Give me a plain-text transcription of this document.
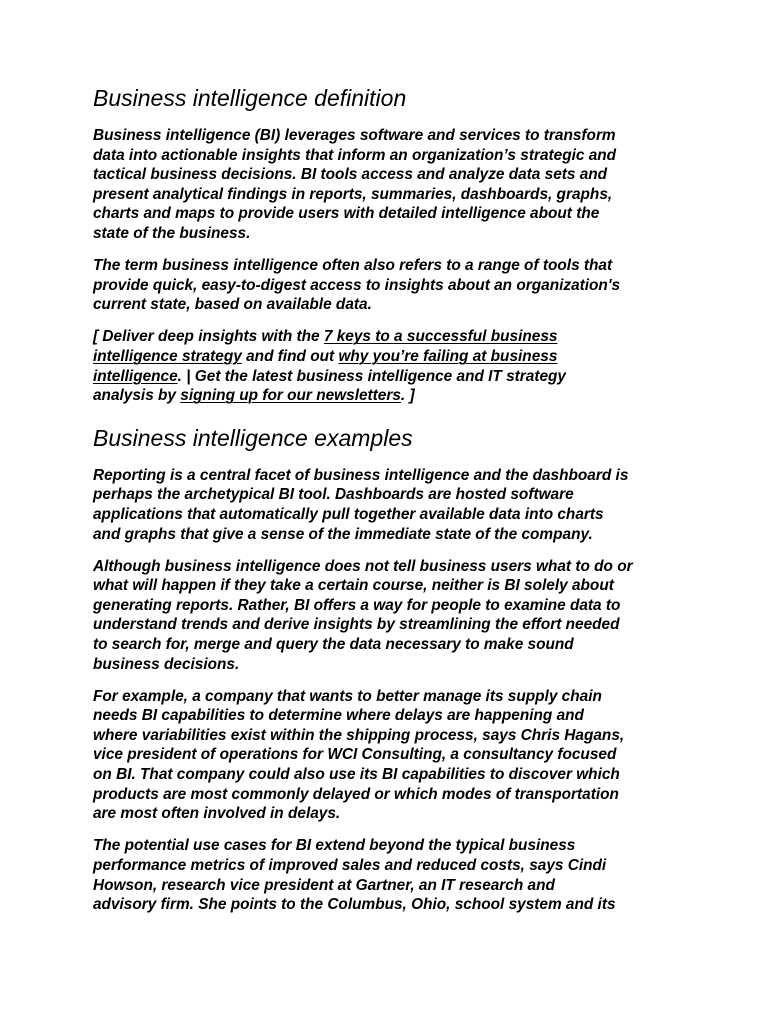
Business intelligence definition

Business intelligence (BI) leverages software and services to transform
data into actionable insights that inform an organization’s strategic and
tactical business decisions. BI tools access and analyze data sets and
present analytical findings in reports, summaries, dashboards, graphs,
charts and maps to provide users with detailed intelligence about the
state of the business.

The term business intelligence often also refers to a range of tools that
provide quick, easy-to-digest access to insights about an organization's
current state, based on available data.

[ Deliver deep insights with the 7 keys to a successful business
intelligence strategy and find out why you’re failing at business
intelligence. | Get the latest business intelligence and IT strategy
analysis by signing up for our newsletters. ]

Business intelligence examples

Reporting is a central facet of business intelligence and the dashboard is
perhaps the archetypical BI tool. Dashboards are hosted software
applications that automatically pull together available data into charts
and graphs that give a sense of the immediate state of the company.

Although business intelligence does not tell business users what to do or
what will happen if they take a certain course, neither is BI solely about
generating reports. Rather, BI offers a way for people to examine data to
understand trends and derive insights by streamlining the effort needed
to search for, merge and query the data necessary to make sound
business decisions.

For example, a company that wants to better manage its supply chain
needs BI capabilities to determine where delays are happening and
where variabilities exist within the shipping process, says Chris Hagans,
vice president of operations for WCI Consulting, a consultancy focused
on BI. That company could also use its BI capabilities to discover which
products are most commonly delayed or which modes of transportation
are most often involved in delays.

The potential use cases for BI extend beyond the typical business
performance metrics of improved sales and reduced costs, says Cindi
Howson, research vice president at Gartner, an IT research and
advisory firm. She points to the Columbus, Ohio, school system and its
